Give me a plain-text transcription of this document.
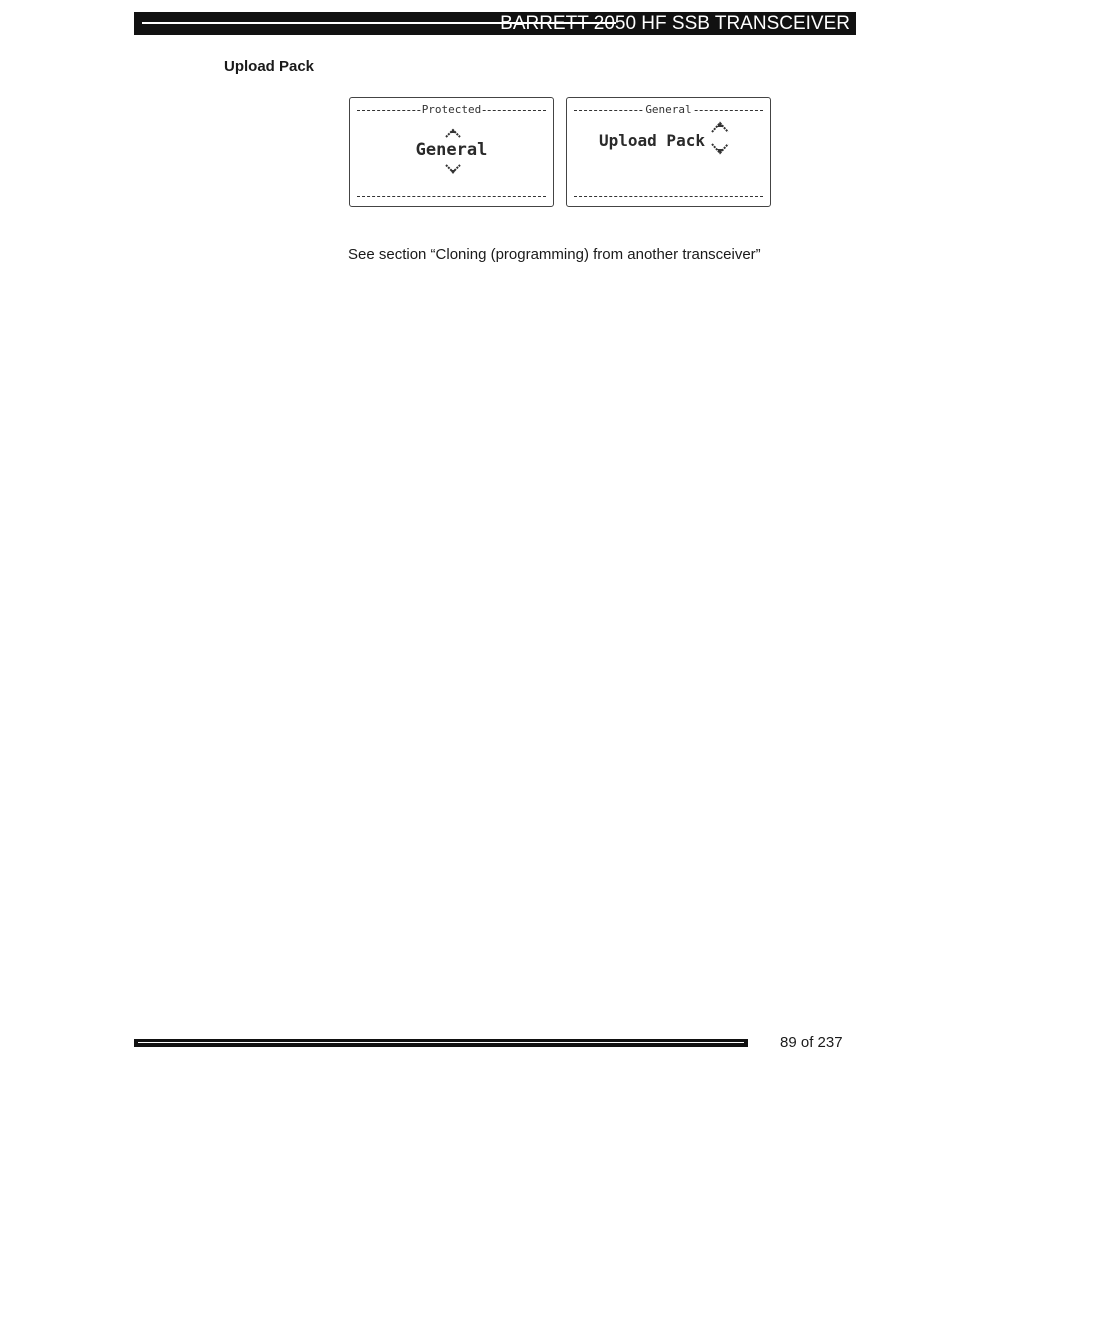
BARRETT 2050 HF SSB TRANSCEIVER
Upload Pack
Protected
General
General
Upload Pack
See section “Cloning (programming) from another transceiver”
89 of 237
